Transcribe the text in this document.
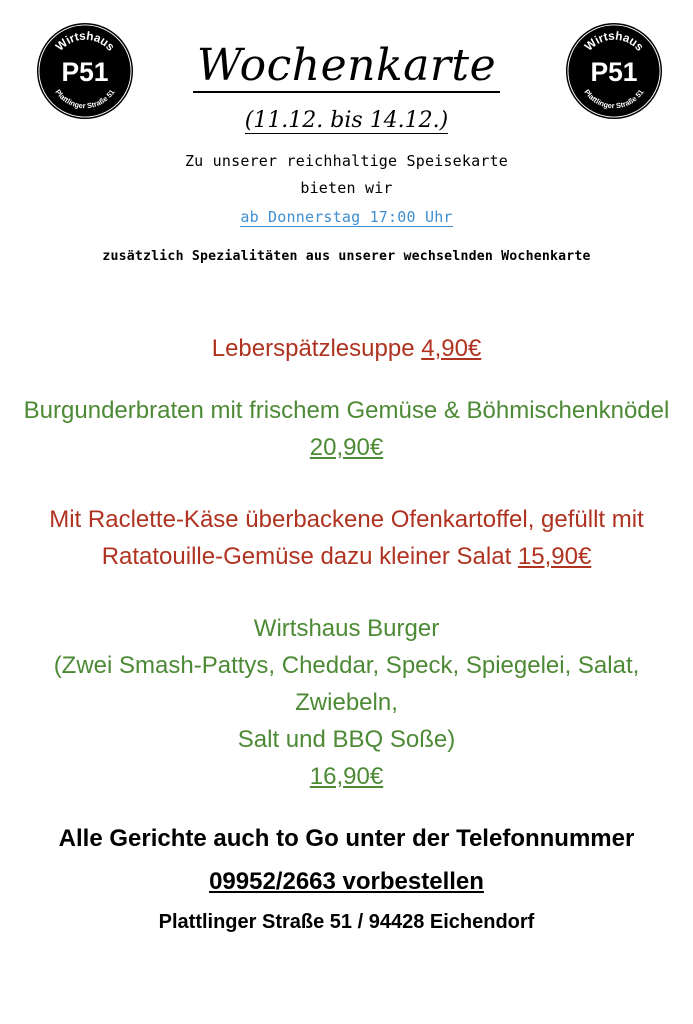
Wirtshaus
P51
Plattlinger Straße 51
Wirtshaus
P51
Plattlinger Straße 51
Wochenkarte
(11.12. bis 14.12.)
Zu unserer reichhaltige Speisekarte
bieten wir
ab Donnerstag 17:00 Uhr
zusätzlich Spezialitäten aus unserer wechselnden Wochenkarte
Leberspätzlesuppe 4,90€
Burgunderbraten mit frischem Gemüse & Böhmischenknödel
20,90€
Mit Raclette-Käse überbackene Ofenkartoffel, gefüllt mit
Ratatouille-Gemüse dazu kleiner Salat 15,90€
Wirtshaus Burger
(Zwei Smash-Pattys, Cheddar, Speck, Spiegelei, Salat, Zwiebeln,
Salt und BBQ Soße)
16,90€
Alle Gerichte auch to Go unter der Telefonnummer
09952/2663 vorbestellen
Plattlinger Straße 51 / 94428 Eichendorf
